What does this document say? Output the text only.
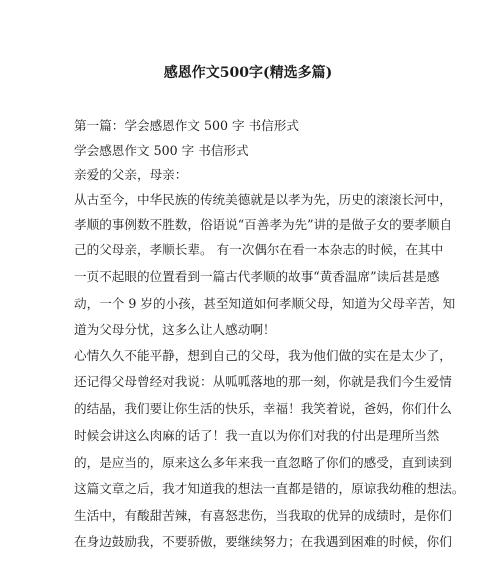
感恩作文500字(精选多篇)
第一篇：学会感恩作文 500 字 书信形式
学会感恩作文 500 字 书信形式
亲爱的父亲，母亲：
从古至今，中华民族的传统美德就是以孝为先，历史的滚滚长河中，
孝顺的事例数不胜数，俗语说“百善孝为先”讲的是做子女的要孝顺自
己的父母亲，孝顺长辈。 有一次偶尔在看一本杂志的时候，在其中
一页不起眼的位置看到一篇古代孝顺的故事“黄香温席”读后甚是感
动，一个 9 岁的小孩，甚至知道如何孝顺父母，知道为父母辛苦，知
道为父母分忧，这多么让人感动啊！
心情久久不能平静，想到自己的父母，我为他们做的实在是太少了，
还记得父母曾经对我说：从呱呱落地的那一刻，你就是我们今生爱情
的结晶，我们要让你生活的快乐，幸福！我笑着说，爸妈，你们什么
时候会讲这么肉麻的话了！我一直以为你们对我的付出是理所当然
的，是应当的，原来这么多年来我一直忽略了你们的感受，直到读到
这篇文章之后，我才知道我的想法一直都是错的，原谅我幼稚的想法。
生活中，有酸甜苦辣，有喜怒悲伤，当我取的优异的成绩时，是你们
在身边鼓励我，不要骄傲，要继续努力；在我遇到困难的时候，你们
